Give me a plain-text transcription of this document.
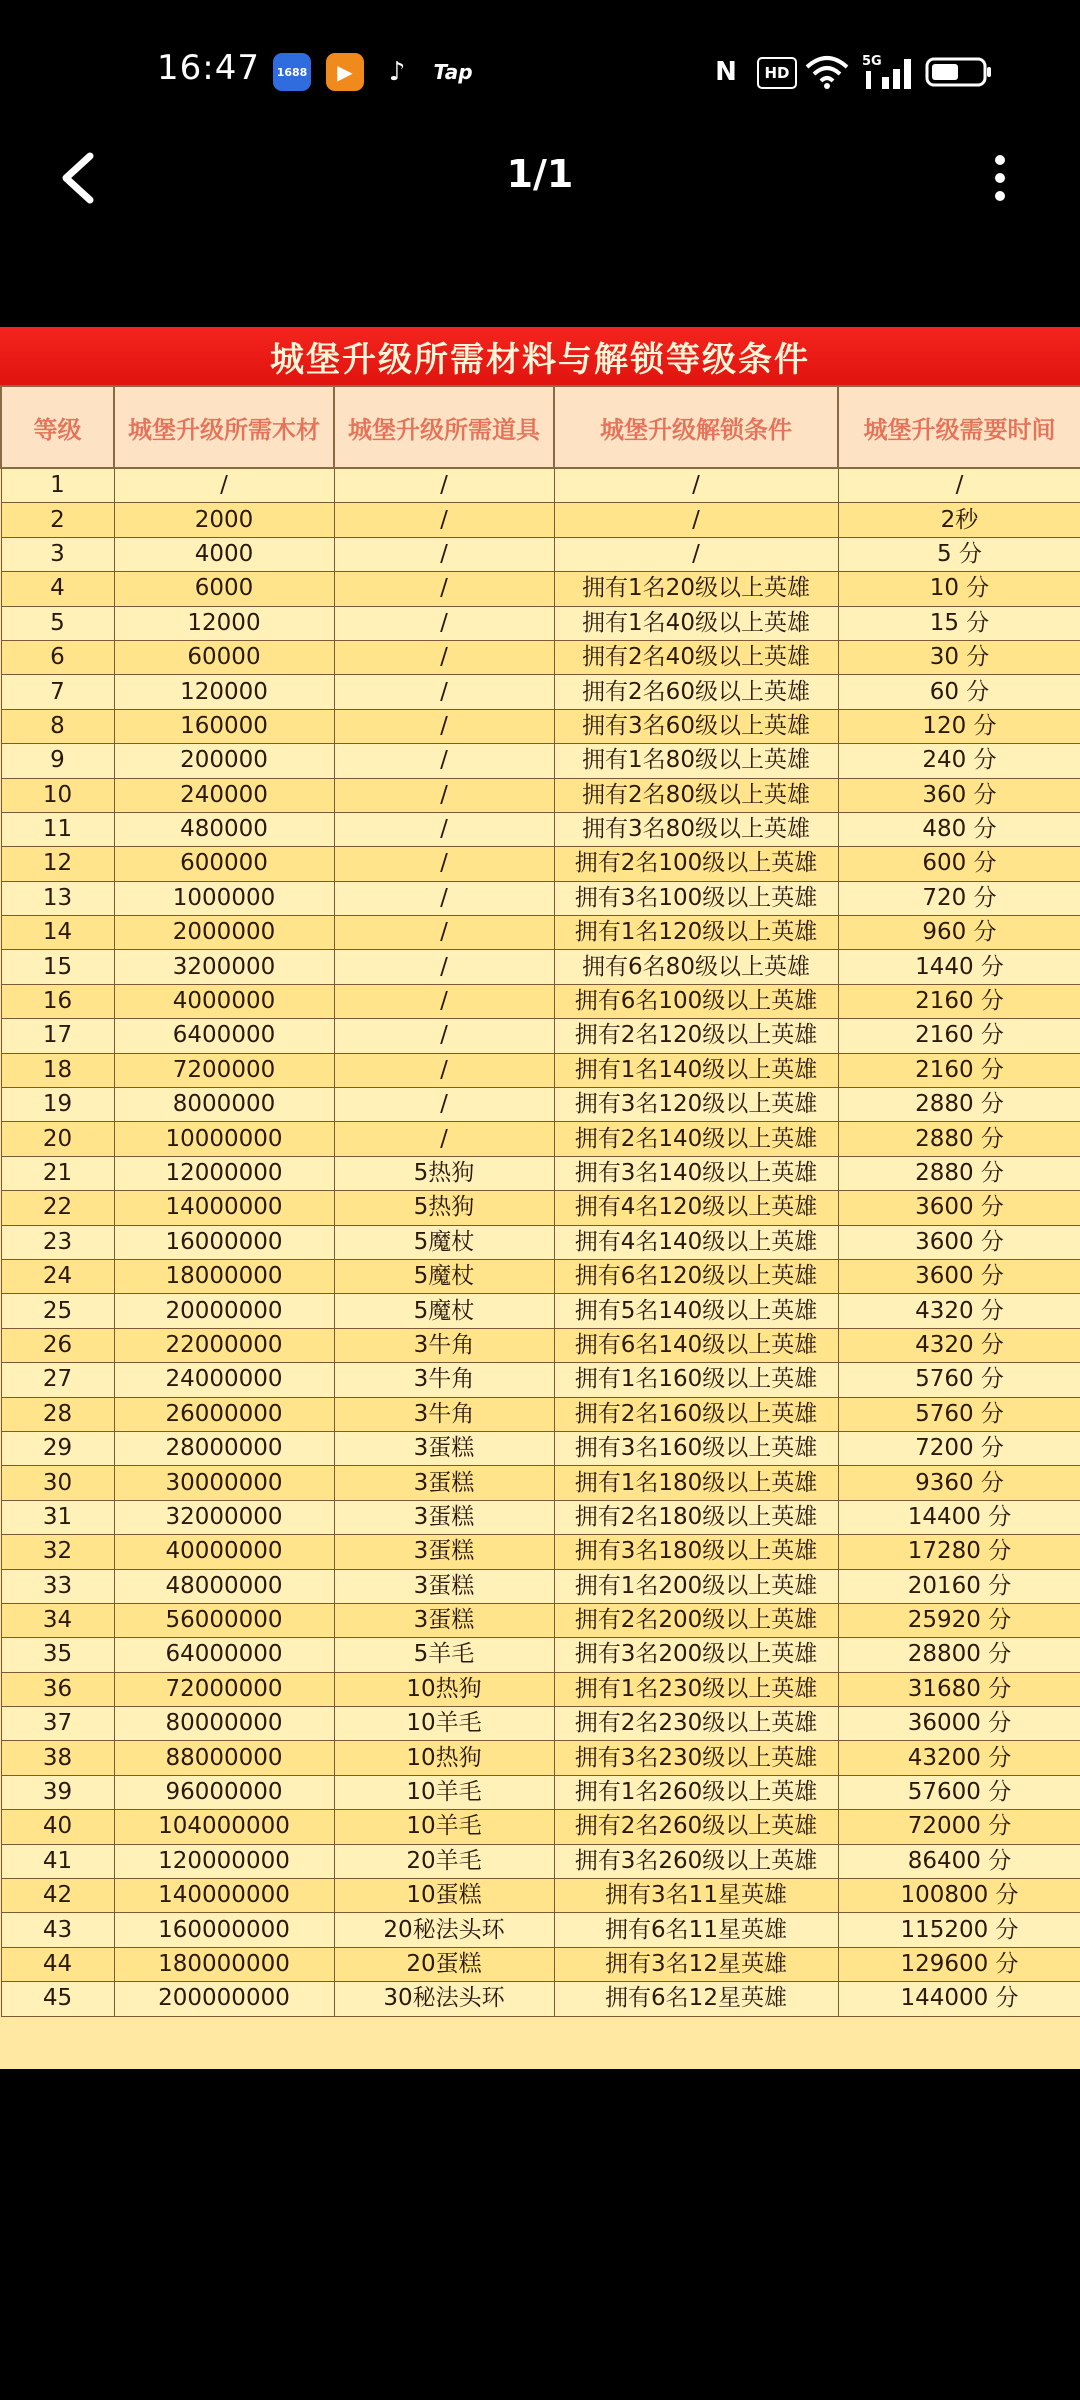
16:47	1688	▶	♪	Tap	N	HD
5G
1/1
城堡升级所需材料与解锁等级条件
等级	城堡升级所需木材	城堡升级所需道具	城堡升级解锁条件	城堡升级需要时间
1	/	/	/	/
2	2000	/	/	2秒
3	4000	/	/	5 分
4	6000	/	拥有1名20级以上英雄	10 分
5	12000	/	拥有1名40级以上英雄	15 分
6	60000	/	拥有2名40级以上英雄	30 分
7	120000	/	拥有2名60级以上英雄	60 分
8	160000	/	拥有3名60级以上英雄	120 分
9	200000	/	拥有1名80级以上英雄	240 分
10	240000	/	拥有2名80级以上英雄	360 分
11	480000	/	拥有3名80级以上英雄	480 分
12	600000	/	拥有2名100级以上英雄	600 分
13	1000000	/	拥有3名100级以上英雄	720 分
14	2000000	/	拥有1名120级以上英雄	960 分
15	3200000	/	拥有6名80级以上英雄	1440 分
16	4000000	/	拥有6名100级以上英雄	2160 分
17	6400000	/	拥有2名120级以上英雄	2160 分
18	7200000	/	拥有1名140级以上英雄	2160 分
19	8000000	/	拥有3名120级以上英雄	2880 分
20	10000000	/	拥有2名140级以上英雄	2880 分
21	12000000	5热狗	拥有3名140级以上英雄	2880 分
22	14000000	5热狗	拥有4名120级以上英雄	3600 分
23	16000000	5魔杖	拥有4名140级以上英雄	3600 分
24	18000000	5魔杖	拥有6名120级以上英雄	3600 分
25	20000000	5魔杖	拥有5名140级以上英雄	4320 分
26	22000000	3牛角	拥有6名140级以上英雄	4320 分
27	24000000	3牛角	拥有1名160级以上英雄	5760 分
28	26000000	3牛角	拥有2名160级以上英雄	5760 分
29	28000000	3蛋糕	拥有3名160级以上英雄	7200 分
30	30000000	3蛋糕	拥有1名180级以上英雄	9360 分
31	32000000	3蛋糕	拥有2名180级以上英雄	14400 分
32	40000000	3蛋糕	拥有3名180级以上英雄	17280 分
33	48000000	3蛋糕	拥有1名200级以上英雄	20160 分
34	56000000	3蛋糕	拥有2名200级以上英雄	25920 分
35	64000000	5羊毛	拥有3名200级以上英雄	28800 分
36	72000000	10热狗	拥有1名230级以上英雄	31680 分
37	80000000	10羊毛	拥有2名230级以上英雄	36000 分
38	88000000	10热狗	拥有3名230级以上英雄	43200 分
39	96000000	10羊毛	拥有1名260级以上英雄	57600 分
40	104000000	10羊毛	拥有2名260级以上英雄	72000 分
41	120000000	20羊毛	拥有3名260级以上英雄	86400 分
42	140000000	10蛋糕	拥有3名11星英雄	100800 分
43	160000000	20秘法头环	拥有6名11星英雄	115200 分
44	180000000	20蛋糕	拥有3名12星英雄	129600 分
45	200000000	30秘法头环	拥有6名12星英雄	144000 分
